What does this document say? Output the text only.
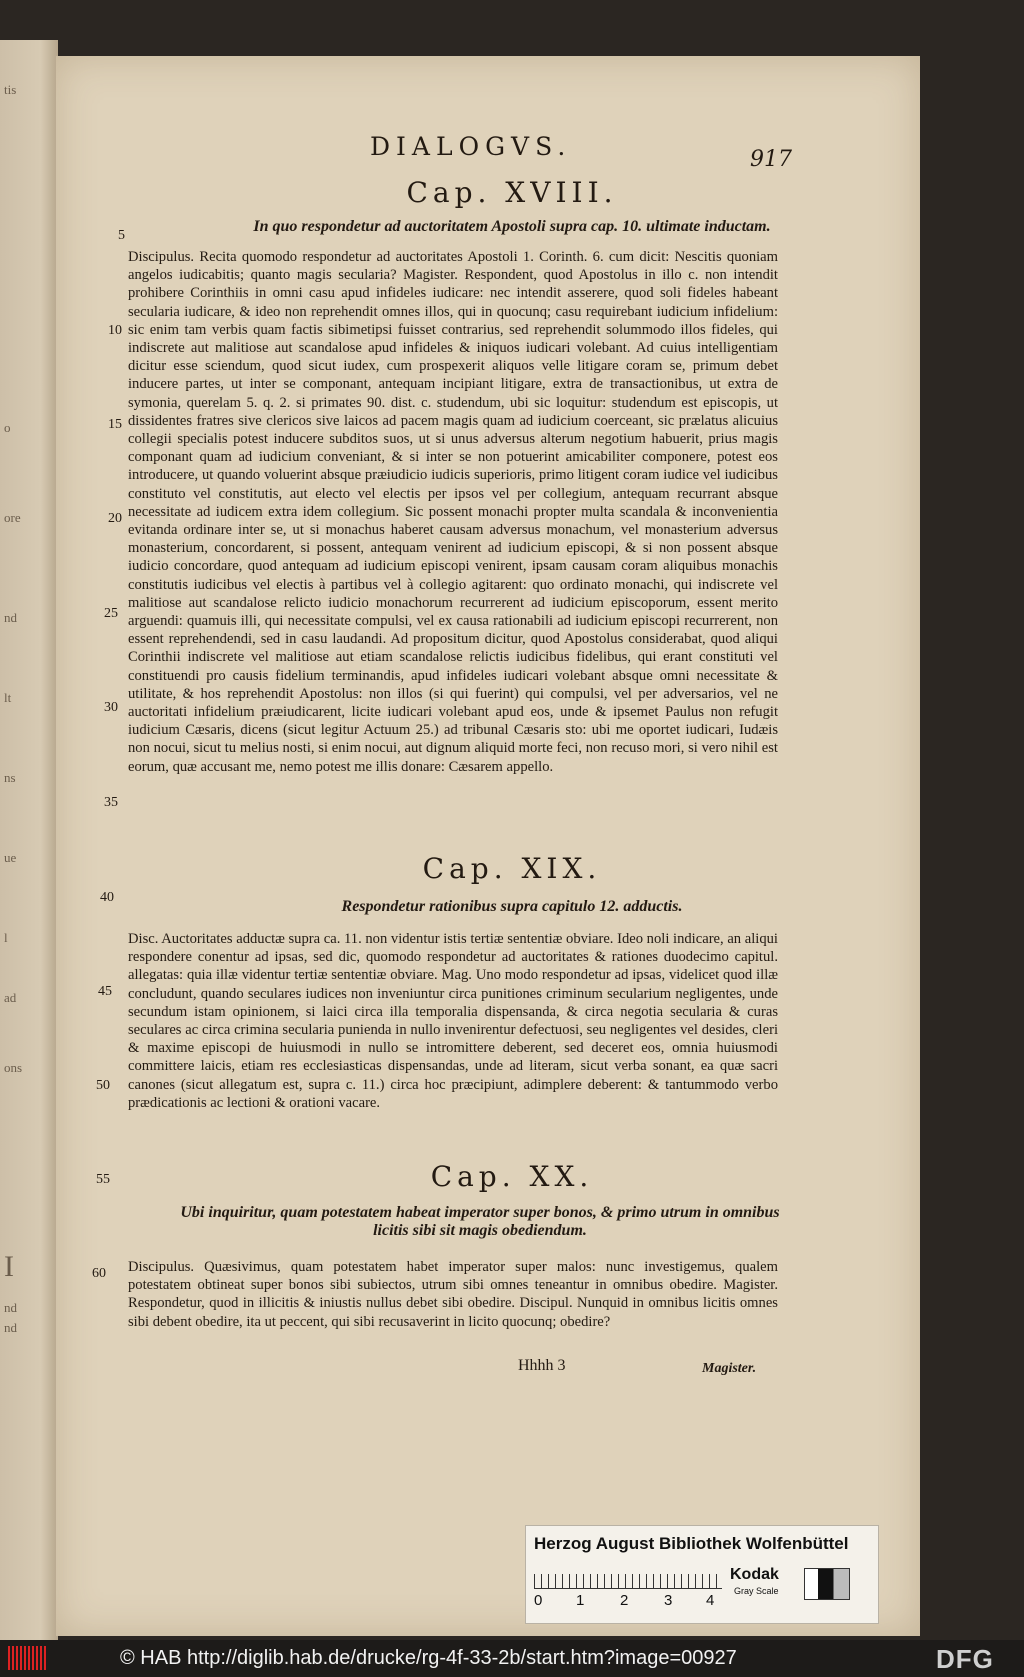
tis
o
ore
nd
lt
ns
ue
l
ad
ons
I
nd
nd
DIALOGVS.	917
Cap. XVIII.
In quo respondetur ad auctoritatem Apostoli supra cap. 10. ultimate inductam.
Discipulus. Recita quomodo respondetur ad auctoritates Apostoli 1. Corinth. 6. cum dicit: Nescitis quoniam angelos iudicabitis; quanto magis secularia? Magister. Respondent, quod Apostolus in illo c. non intendit prohibere Corinthiis in omni casu apud infideles iudicare: nec intendit asserere, quod soli fideles habeant secularia iudicare, & ideo non reprehendit omnes illos, qui in quocunq; casu requirebant iudicium infidelium: sic enim tam verbis quam factis sibimetipsi fuisset contrarius, sed reprehendit solummodo illos fideles, qui indiscrete aut malitiose aut scandalose apud infideles & iniquos iudicari volebant. Ad cuius intelligentiam dicitur esse sciendum, quod sicut iudex, cum prospexerit aliquos velle litigare coram se, primum debet inducere partes, ut inter se componant, antequam incipiant litigare, extra de transactionibus, ut extra de symonia, querelam 5. q. 2. si primates 90. dist. c. studendum, ubi sic loquitur: studendum est episcopis, ut dissidentes fratres sive clericos sive laicos ad pacem magis quam ad iudicium coerceant, sic prælatus alicuius collegii specialis potest inducere subditos suos, ut si unus adversus alterum negotium habuerit, prius magis componant quam ad iudicium conveniant, & si inter se non potuerint amicabiliter componere, potest eos introducere, ut quando voluerint absque præiudicio iudicis superioris, primo litigent coram iudice vel iudicibus constituto vel constitutis, aut electo vel electis per ipsos vel per collegium, antequam recurrant absque necessitate ad iudicem extra idem collegium. Sic possent monachi propter multa scandala & inconvenientia evitanda ordinare inter se, ut si monachus haberet causam adversus monachum, vel monasterium adversus monasterium, concordarent, si possent, antequam venirent ad iudicium episcopi, & si non possent absque iudicio concordare, quod antequam ad iudicium episcopi venirent, ipsam causam coram aliquibus monachis constitutis iudicibus vel electis à partibus vel à collegio agitarent: quo ordinato monachi, qui indiscrete vel malitiose aut scandalose relicto iudicio monachorum recurrerent ad iudicium episcoporum, essent merito arguendi: quamuis illi, qui necessitate compulsi, vel ex causa rationabili ad iudicium episcopi recurrerent, non essent reprehendendi, sed in casu laudandi. Ad propositum dicitur, quod Apostolus considerabat, quod aliqui Corinthii indiscrete vel malitiose aut etiam scandalose relictis iudicibus fidelibus, qui erant constituti vel constituendi pro causis fidelium terminandis, apud infideles iudicari volebant absque omni necessitate & utilitate, & hos reprehendit Apostolus: non illos (si qui fuerint) qui compulsi, vel per adversarios, vel ne auctoritati infidelium præiudicarent, licite iudicari volebant apud eos, unde & ipsemet Paulus non refugit iudicium Cæsaris, dicens (sicut legitur Actuum 25.) ad tribunal Cæsaris sto: ubi me oportet iudicari, Iudæis non nocui, sicut tu melius nosti, si enim nocui, aut dignum aliquid morte feci, non recuso mori, si vero nihil est eorum, quæ accusant me, nemo potest me illis donare: Cæsarem appello.
Cap. XIX.
Respondetur rationibus supra capitulo 12. adductis.
Disc. Auctoritates adductæ supra ca. 11. non videntur istis tertiæ sententiæ obviare. Ideo noli indicare, an aliqui respondere conentur ad ipsas, sed dic, quomodo respondetur ad auctoritates & rationes duodecimo capitul. allegatas: quia illæ videntur tertiæ sententiæ obviare. Mag. Uno modo respondetur ad ipsas, videlicet quod illæ concludunt, quando seculares iudices non inveniuntur circa punitiones criminum secularium negligentes, unde secundum istam opinionem, si laici circa illa temporalia dispensanda, & circa negotia secularia & curas seculares ac circa crimina secularia punienda in nullo invenirentur defectuosi, seu negligentes vel desides, cleri & maxime episcopi de huiusmodi in nullo se intromittere deberent, sed deceret eos, omnia huiusmodi committere laicis, etiam res ecclesiasticas dispensandas, unde ad literam, sicut verba sonant, ea quæ sacri canones (sicut allegatum est, supra c. 11.) circa hoc præcipiunt, adimplere deberent: & tantummodo verbo prædicationis ac lectioni & orationi vacare.
Cap. XX.
Ubi inquiritur, quam potestatem habeat imperator super bonos, & primo utrum in omnibus licitis sibi sit magis obediendum.
Discipulus. Quæsivimus, quam potestatem habet imperator super malos: nunc investigemus, qualem potestatem obtineat super bonos sibi subiectos, utrum sibi omnes teneantur in omnibus obedire. Magister. Respondetur, quod in illicitis & iniustis nullus debet sibi obedire. Discipul. Nunquid in omnibus licitis omnes sibi debent obedire, ita ut peccent, qui sibi recusaverint in licito quocunq; obedire?
5
10
15
20
25
30
35
40
45
50
55
60
Hhhh 3	Magister.
Herzog August Bibliothek Wolfenbüttel
0 1 2 3 4
Kodak
Gray Scale
© HAB http://diglib.hab.de/drucke/rg-4f-33-2b/start.htm?image=00927	DFG
